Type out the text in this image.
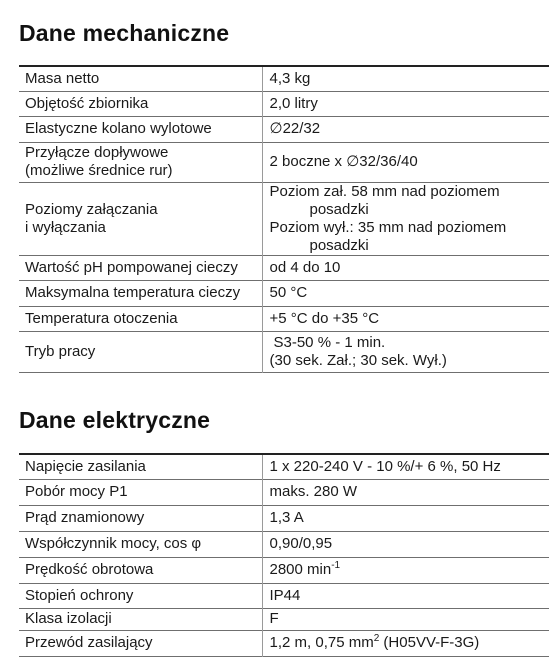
Dane mechaniczne
Masa netto	4,3 kg

Objętość zbiornika	2,0 litry

Elastyczne kolano wylotowe	∅22/32

Przyłącze dopływowe
(możliwe średnice rur)	2 boczne x ∅32/36/40

Poziomy załączania
i wyłączania	Poziom zał. 58 mm nad poziomem
posadzki
Poziom wył.: 35 mm nad poziomem
posadzki

Wartość pH pompowanej cieczy	od 4 do 10

Maksymalna temperatura cieczy	50 °C

Temperatura otoczenia	+5 °C do +35 °C

Tryb pracy	S3-50 % - 1 min.
(30 sek. Zał.; 30 sek. Wył.)
Dane elektryczne
Napięcie zasilania	1 x 220-240 V - 10 %/+ 6 %, 50 Hz
Pobór mocy P1	maks. 280 W
Prąd znamionowy	1,3 A
Współczynnik mocy, cos φ	0,90/0,95
Prędkość obrotowa	2800 $\min^{-1}$
Stopień ochrony	IP44
Klasa izolacji	F
Przewód zasilający	1,2 m, 0,75 $mm^2$ (H05VV-F-3G)
